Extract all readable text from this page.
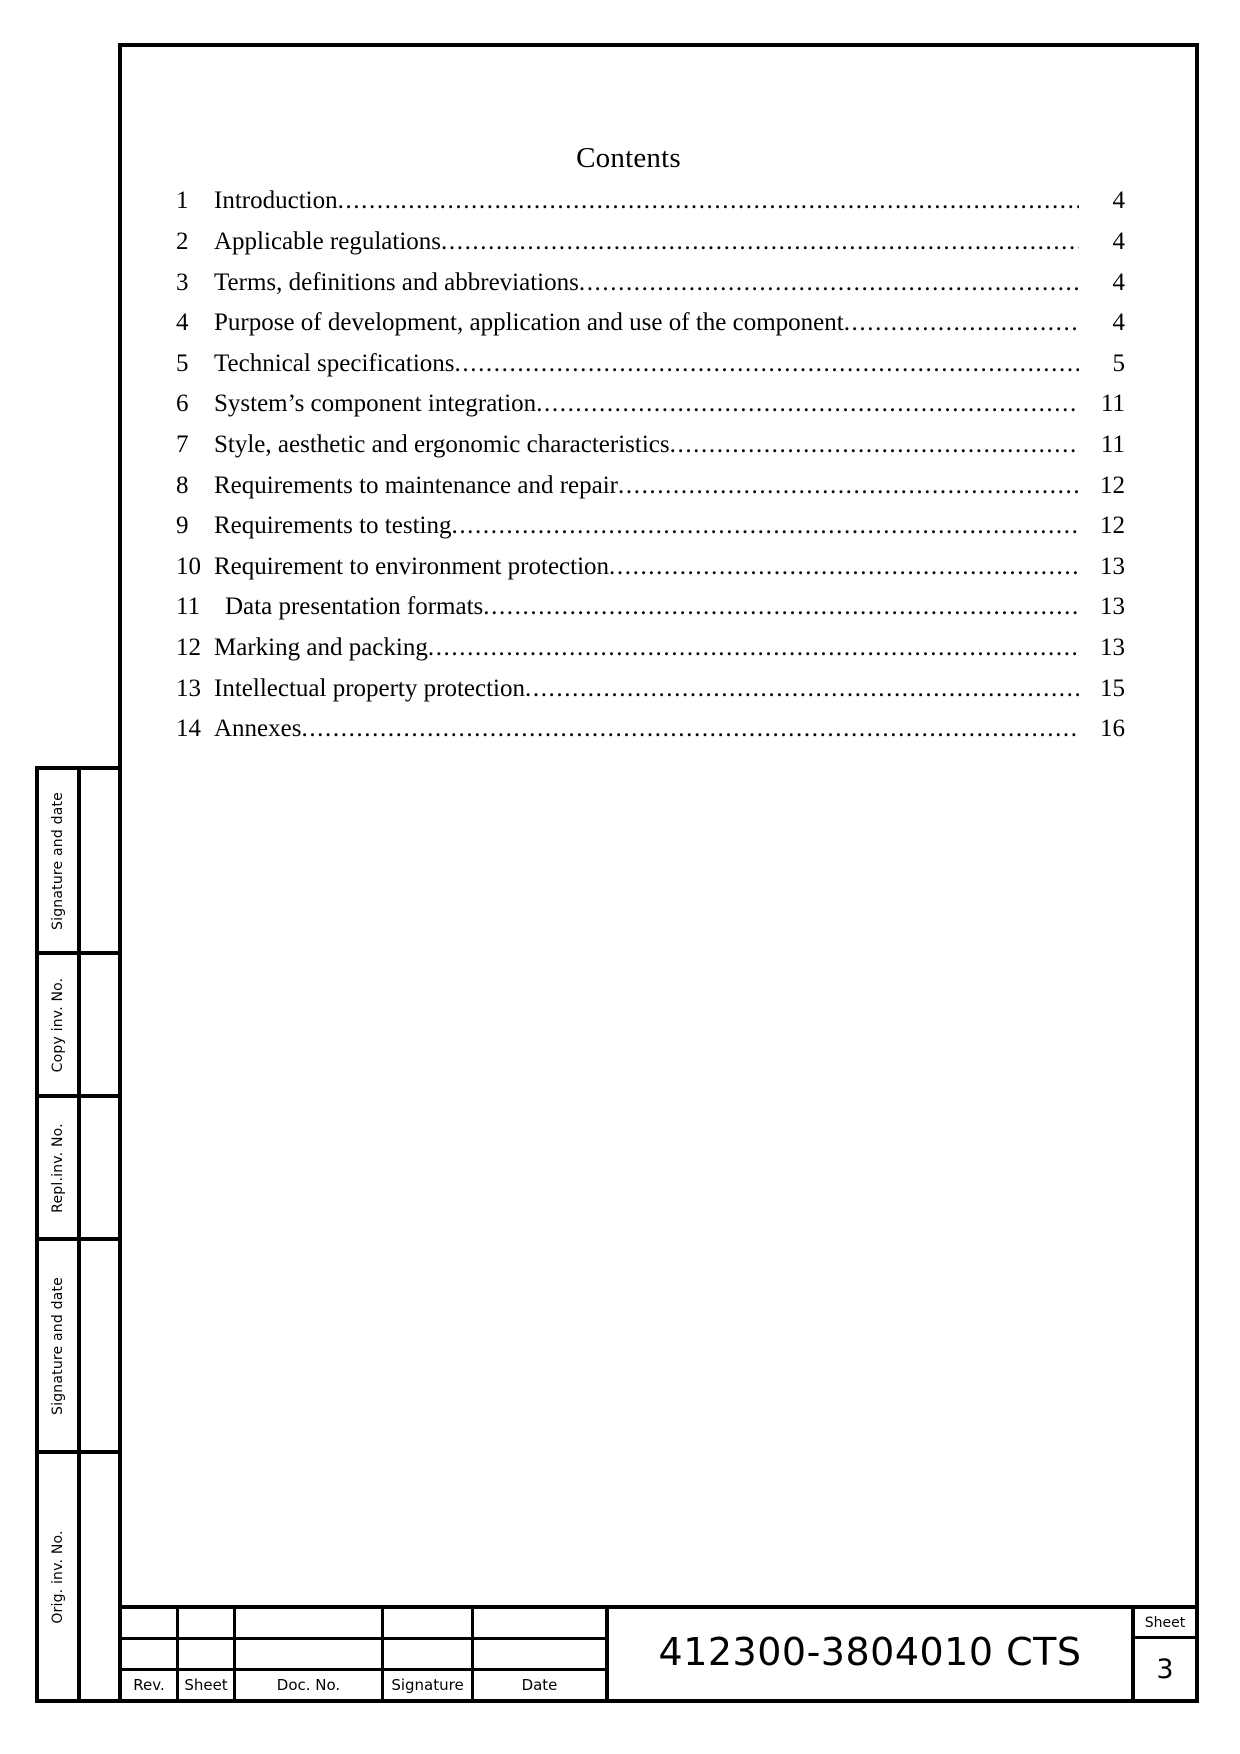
Contents
1	Introduction .....	4
2	Applicable regulations .....	4
3	Terms, definitions and abbreviations .....	4
4	Purpose of development, application and use of the component .....	4
5	Technical specifications .....	5
6	System’s component integration .....	11
7	Style, aesthetic and ergonomic characteristics .....	11
8	Requirements to maintenance and repair .....	12
9	Requirements to testing .....	12
10 Requirement to environment protection .....	13
11 Data presentation formats .....	13
12 Marking and packing .....	13
13 Intellectual property protection .....	15
14 Annexes .....	16
Rev.	Sheet	Doc. No.	Signature	Date
412300-3804010 CTS
Sheet
3
Signature and date
Copy inv. No.
Repl.inv. No.
Signature and date
Orig. inv. No.
